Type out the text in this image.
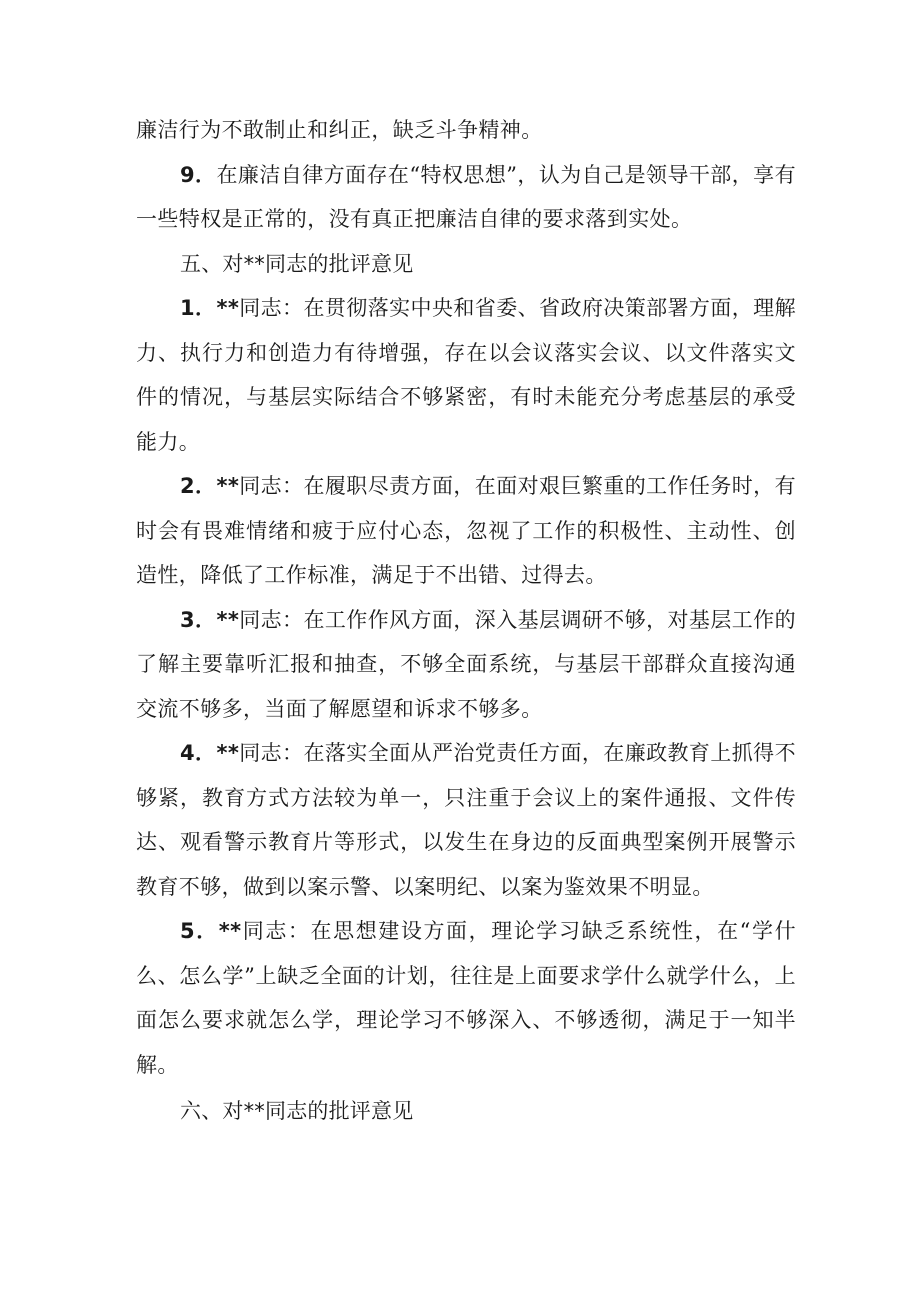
廉洁行为不敢制止和纠正，缺乏斗争精神。

9．在廉洁自律方面存在“特权思想”，认为自己是领导干部，享有一些特权是正常的，没有真正把廉洁自律的要求落到实处。

五、对**同志的批评意见

1．**同志：在贯彻落实中央和省委、省政府决策部署方面，理解力、执行力和创造力有待增强，存在以会议落实会议、以文件落实文件的情况，与基层实际结合不够紧密，有时未能充分考虑基层的承受能力。

2．**同志：在履职尽责方面，在面对艰巨繁重的工作任务时，有时会有畏难情绪和疲于应付心态，忽视了工作的积极性、主动性、创造性，降低了工作标准，满足于不出错、过得去。

3．**同志：在工作作风方面，深入基层调研不够，对基层工作的了解主要靠听汇报和抽查，不够全面系统，与基层干部群众直接沟通交流不够多，当面了解愿望和诉求不够多。

4．**同志：在落实全面从严治党责任方面，在廉政教育上抓得不够紧，教育方式方法较为单一，只注重于会议上的案件通报、文件传达、观看警示教育片等形式，以发生在身边的反面典型案例开展警示教育不够，做到以案示警、以案明纪、以案为鉴效果不明显。

5．**同志：在思想建设方面，理论学习缺乏系统性，在“学什么、怎么学”上缺乏全面的计划，往往是上面要求学什么就学什么，上面怎么要求就怎么学，理论学习不够深入、不够透彻，满足于一知半解。

六、对**同志的批评意见
